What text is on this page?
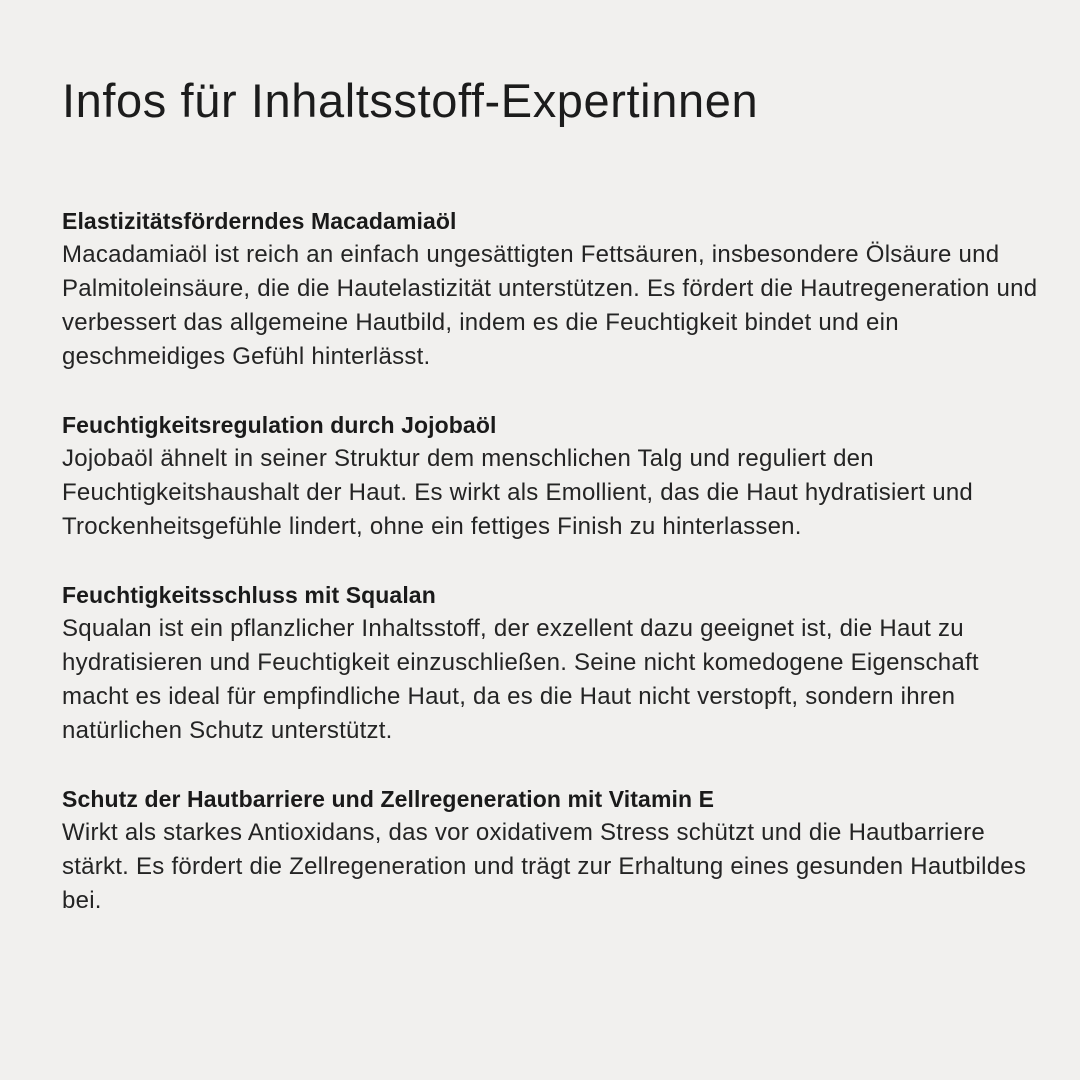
Infos für Inhaltsstoff-Expertinnen
Elastizitätsförderndes Macadamiaöl

Macadamiaöl ist reich an einfach ungesättigten Fettsäuren, insbesondere Ölsäure und Palmitoleinsäure, die die Hautelastizität unterstützen. Es fördert die Hautregeneration und verbessert das allgemeine Hautbild, indem es die Feuchtigkeit bindet und ein geschmeidiges Gefühl hinterlässt.

Feuchtigkeitsregulation durch Jojobaöl

Jojobaöl ähnelt in seiner Struktur dem menschlichen Talg und reguliert den Feuchtigkeitshaushalt der Haut. Es wirkt als Emollient, das die Haut hydratisiert und Trockenheitsgefühle lindert, ohne ein fettiges Finish zu hinterlassen.

Feuchtigkeitsschluss mit Squalan

Squalan ist ein pflanzlicher Inhaltsstoff, der exzellent dazu geeignet ist, die Haut zu hydratisieren und Feuchtigkeit einzuschließen. Seine nicht komedogene Eigenschaft macht es ideal für empfindliche Haut, da es die Haut nicht verstopft, sondern ihren natürlichen Schutz unterstützt.

Schutz der Hautbarriere und Zellregeneration mit Vitamin E

Wirkt als starkes Antioxidans, das vor oxidativem Stress schützt und die Hautbarriere stärkt. Es fördert die Zellregeneration und trägt zur Erhaltung eines gesunden Hautbildes bei.
